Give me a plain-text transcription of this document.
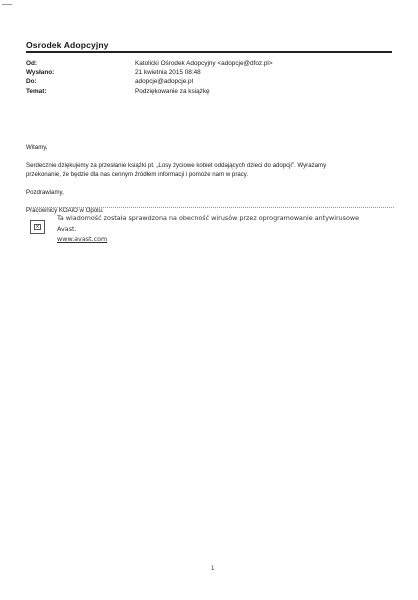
Osrodek Adopcyjny
Od:	Katolicki Ośrodek Adopcyjny <adopcje@dfoz.pl>
Wysłano:	21 kwietnia 2015 08:48
Do:	adopcje@adopcje.pl
Temat:	Podziękowanie za książkę

Witamy,

Serdecznie dziękujemy za przesłanie książki pt. „Losy życiowe kobiet oddających dzieci do adopcji". Wyrażamy
przekonanie, że będzie dla nas cennym źródłem informacji i pomoże nam w pracy.

Pozdrawiamy,

Pracownicy KOAiO w Opolu.

×
Ta wiadomość została sprawdzona na obecność wirusów przez oprogramowanie antywirusowe
Avast.
www.avast.com
1
